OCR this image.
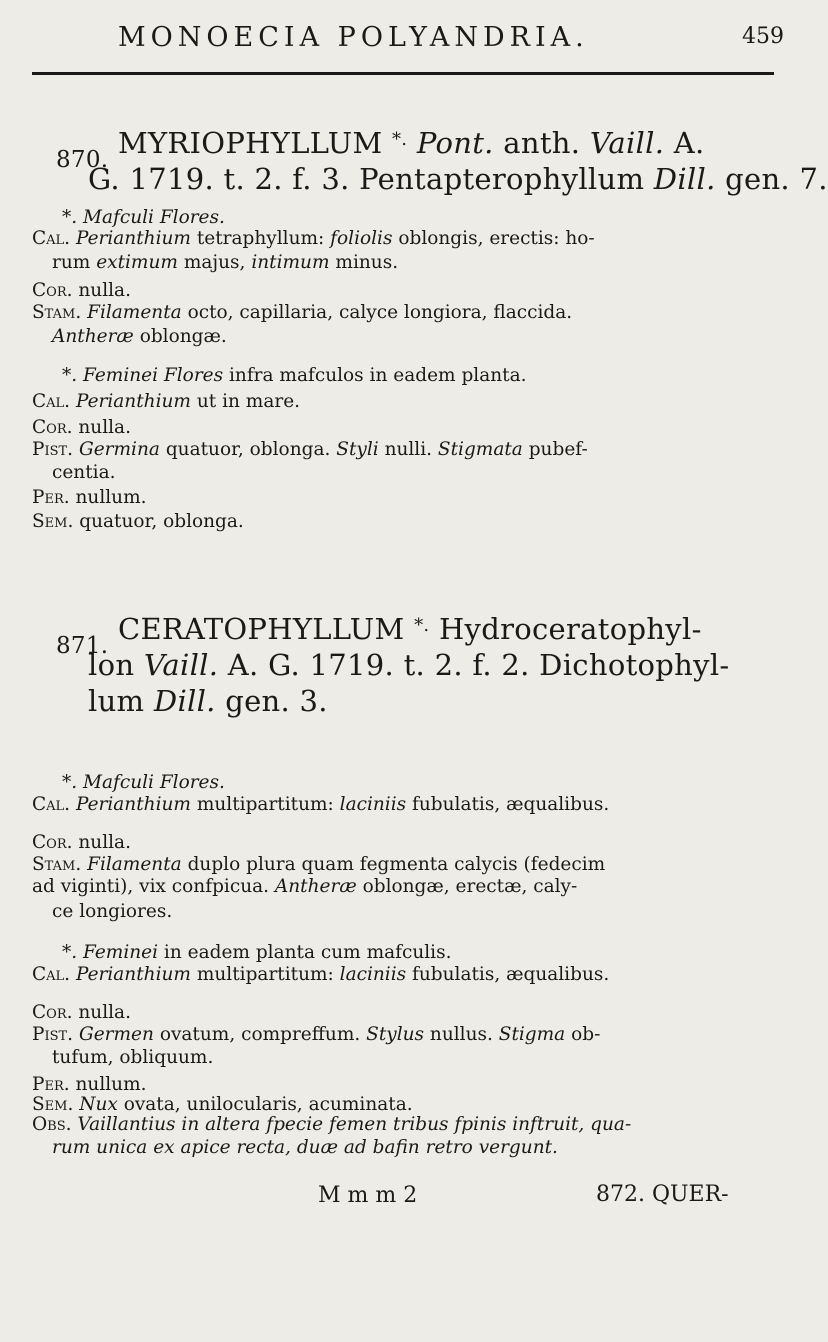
MONOECIA POLYANDRIA.	459
$_{870.}$ MYRIOPHYLLUM *. Pont. anth. Vaill. A.
G. 1719. t. 2. f. 3. Pentapterophyllum Dill. gen. 7.
*. Mafculi Flores.
Cal. Perianthium tetraphyllum: foliolis oblongis, erectis: ho-
rum extimum majus, intimum minus.
Cor. nulla.
Stam. Filamenta octo, capillaria, calyce longiora, flaccida.
Antheræ oblongæ.
*. Feminei Flores infra mafculos in eadem planta.
Cal. Perianthium ut in mare.
Cor. nulla.
Pist. Germina quatuor, oblonga. Styli nulli. Stigmata pubef-
centia.
Per. nullum.
Sem. quatuor, oblonga.
$_{871.}$ CERATOPHYLLUM *. Hydroceratophyl-
lon Vaill. A. G. 1719. t. 2. f. 2. Dichotophyl-
lum Dill. gen. 3.
*. Mafculi Flores.
Cal. Perianthium multipartitum: laciniis fubulatis, æqualibus.
Cor. nulla.
Stam. Filamenta duplo plura quam fegmenta calycis (fedecim
ad viginti), vix confpicua. Antheræ oblongæ, erectæ, caly-
ce longiores.
*. Feminei in eadem planta cum mafculis.
Cal. Perianthium multipartitum: laciniis fubulatis, æqualibus.
Cor. nulla.
Pist. Germen ovatum, compreffum. Stylus nullus. Stigma ob-
tufum, obliquum.
Per. nullum.
Sem. Nux ovata, unilocularis, acuminata.
Obs. Vaillantius in altera fpecie femen tribus fpinis inftruit, qua-
rum unica ex apice recta, duæ ad bafin retro vergunt.
M m m 2	872. QUER-
